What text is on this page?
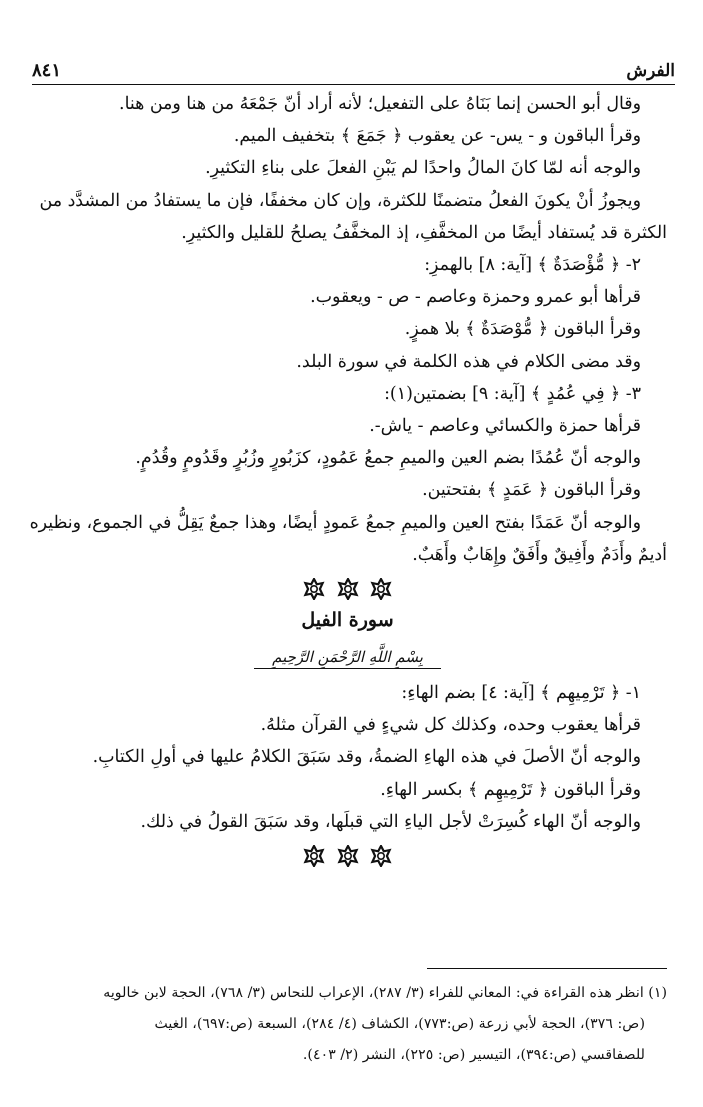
الفرش
٨٤١
وقال أبو الحسن إنما بَنَاهُ على التفعيل؛ لأنه أراد أنّ جَمْعَهُ من هنا ومن هنا.
وقرأ الباقون و - يس- عن يعقوب ﴿ جَمَعَ ﴾ بتخفيف الميم.
والوجه أنه لمّا كانَ المالُ واحدًا لم يَبْنِ الفعلَ على بناءِ التكثيرِ.
ويجوزُ أنْ يكونَ الفعلُ متضمنًا للكثرة، وإن كان مخففًا، فإن ما يستفادُ من المشدَّد من
الكثرة قد يُستفاد أيضًا من المخفَّفِ، إذ المخفَّفُ يصلحُ للقليل والكثيرِ.
٢- ﴿ مُّؤْصَدَةٌ ﴾ [آية: ٨] بالهمزِ:
قرأها أبو عمرو وحمزة وعاصم - ص - ويعقوب.
وقرأ الباقون ﴿ مُّوْصَدَةٌ ﴾ بلا همزٍ.
وقد مضى الكلام في هذه الكلمة في سورة البلد.
٣- ﴿ فِي عُمُدٍ ﴾ [آية: ٩] بضمتين(١):
قرأها حمزة والكسائي وعاصم - ياش-.
والوجه أنّ عُمُدًا بضم العين والميمِ جمعُ عَمُودٍ، كزَبُورٍ وزُبُرٍ وقَدُومٍ وقُدُمٍ.
وقرأ الباقون ﴿ عَمَدٍ ﴾ بفتحتين.
والوجه أنّ عَمَدًا بفتح العين والميمِ جمعُ عَمودٍ أيضًا، وهذا جمعٌ يَقِلُّ في الجموع، ونظيره
أديمٌ وأَدَمٌ وأَفِيقٌ وأَفَقٌ وإِهَابٌ وأَهَبٌ.

سورة الفيل
بِسْمِ اللَّهِ الرَّحْمَنِ الرَّحِيمِ
١- ﴿ تَرْمِيهِم ﴾ [آية: ٤] بضم الهاءِ:
قرأها يعقوب وحده، وكذلك كل شيءٍ في القرآن مثلهُ.
والوجه أنّ الأصلَ في هذه الهاءِ الضمةُ، وقد سَبَقَ الكلامُ عليها في أولِ الكتابِ.
وقرأ الباقون ﴿ تَرْمِيهِم ﴾ بكسر الهاءِ.
والوجه أنّ الهاء كُسِرَتْ لأجل الياءِ التي قبلَها، وقد سَبَقَ القولُ في ذلك.

(١) انظر هذه القراءة في: المعاني للفراء (٣/ ٢٨٧)، الإعراب للنحاس (٣/ ٧٦٨)، الحجة لابن خالويه
(ص: ٣٧٦)، الحجة لأبي زرعة (ص:٧٧٣)، الكشاف (٤/ ٢٨٤)، السبعة (ص:٦٩٧)، الغيث
للصفاقسي (ص:٣٩٤)، التيسير (ص: ٢٢٥)، النشر (٢/ ٤٠٣).
